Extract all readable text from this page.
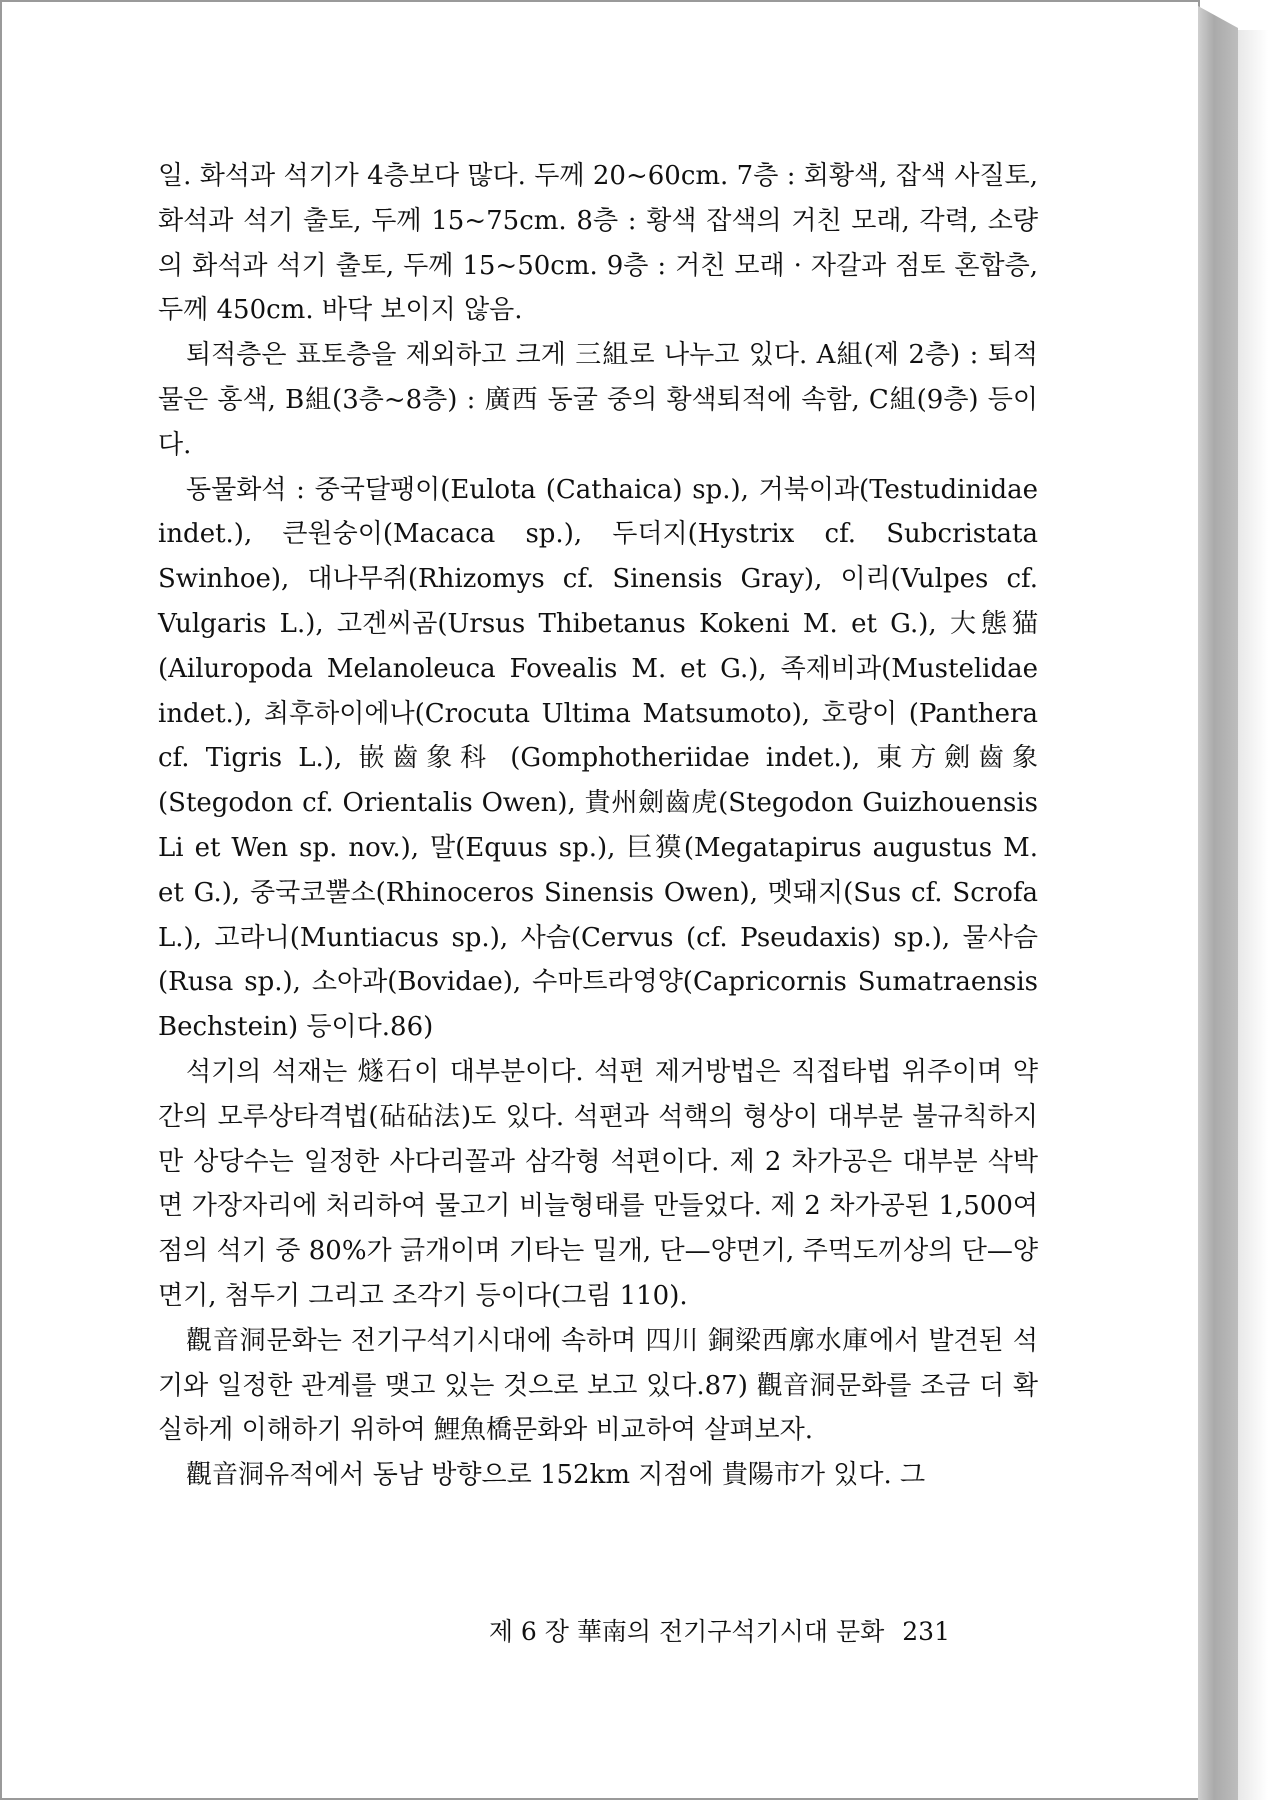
일. 화석과 석기가 4층보다 많다. 두께 20~60cm. 7층 : 회황색, 잡색 사질토, 화석과 석기 출토, 두께 15~75cm. 8층 : 황색 잡색의 거친 모래, 각력, 소량의 화석과 석기 출토, 두께 15~50cm. 9층 : 거친 모래 · 자갈과 점토 혼합층, 두께 450cm. 바닥 보이지 않음.

퇴적층은 표토층을 제외하고 크게 三組로 나누고 있다. A組(제 2층) : 퇴적물은 홍색, B組(3층~8층) : 廣西 동굴 중의 황색퇴적에 속함, C組(9층) 등이다.

동물화석 : 중국달팽이(Eulota (Cathaica) sp.), 거북이과(Testudinidae indet.), 큰원숭이(Macaca sp.), 두더지(Hystrix cf. Subcristata Swinhoe), 대나무쥐(Rhizomys cf. Sinensis Gray), 이리(Vulpes cf. Vulgaris L.), 고겐씨곰(Ursus Thibetanus Kokeni M. et G.), 大態猫(Ailuropoda Melanoleuca Fovealis M. et G.), 족제비과(Mustelidae indet.), 최후하이에나(Crocuta Ultima Matsumoto), 호랑이 (Panthera cf. Tigris L.), 嵌齒象科 (Gomphotheriidae indet.), 東方劍齒象(Stegodon cf. Orientalis Owen), 貴州劍齒虎(Stegodon Guizhouensis Li et Wen sp. nov.), 말(Equus sp.), 巨獏(Megatapirus augustus M. et G.), 중국코뿔소(Rhinoceros Sinensis Owen), 멧돼지(Sus cf. Scrofa L.), 고라니(Muntiacus sp.), 사슴(Cervus (cf. Pseudaxis) sp.), 물사슴(Rusa sp.), 소아과(Bovidae), 수마트라영양(Capricornis Sumatraensis Bechstein) 등이다.86)

석기의 석재는 燧石이 대부분이다. 석편 제거방법은 직접타법 위주이며 약간의 모루상타격법(砧砧法)도 있다. 석편과 석핵의 형상이 대부분 불규칙하지만 상당수는 일정한 사다리꼴과 삼각형 석편이다. 제 2 차가공은 대부분 삭박면 가장자리에 처리하여 물고기 비늘형태를 만들었다. 제 2 차가공된 1,500여 점의 석기 중 80%가 긁개이며 기타는 밀개, 단—양면기, 주먹도끼상의 단—양면기, 첨두기 그리고 조각기 등이다(그림 110).

觀音洞문화는 전기구석기시대에 속하며 四川 銅梁西廓水庫에서 발견된 석기와 일정한 관계를 맺고 있는 것으로 보고 있다.87) 觀音洞문화를 조금 더 확실하게 이해하기 위하여 鯉魚橋문화와 비교하여 살펴보자.

觀音洞유적에서 동남 방향으로 152km 지점에 貴陽市가 있다. 그

제 6 장 華南의 전기구석기시대 문화 231
